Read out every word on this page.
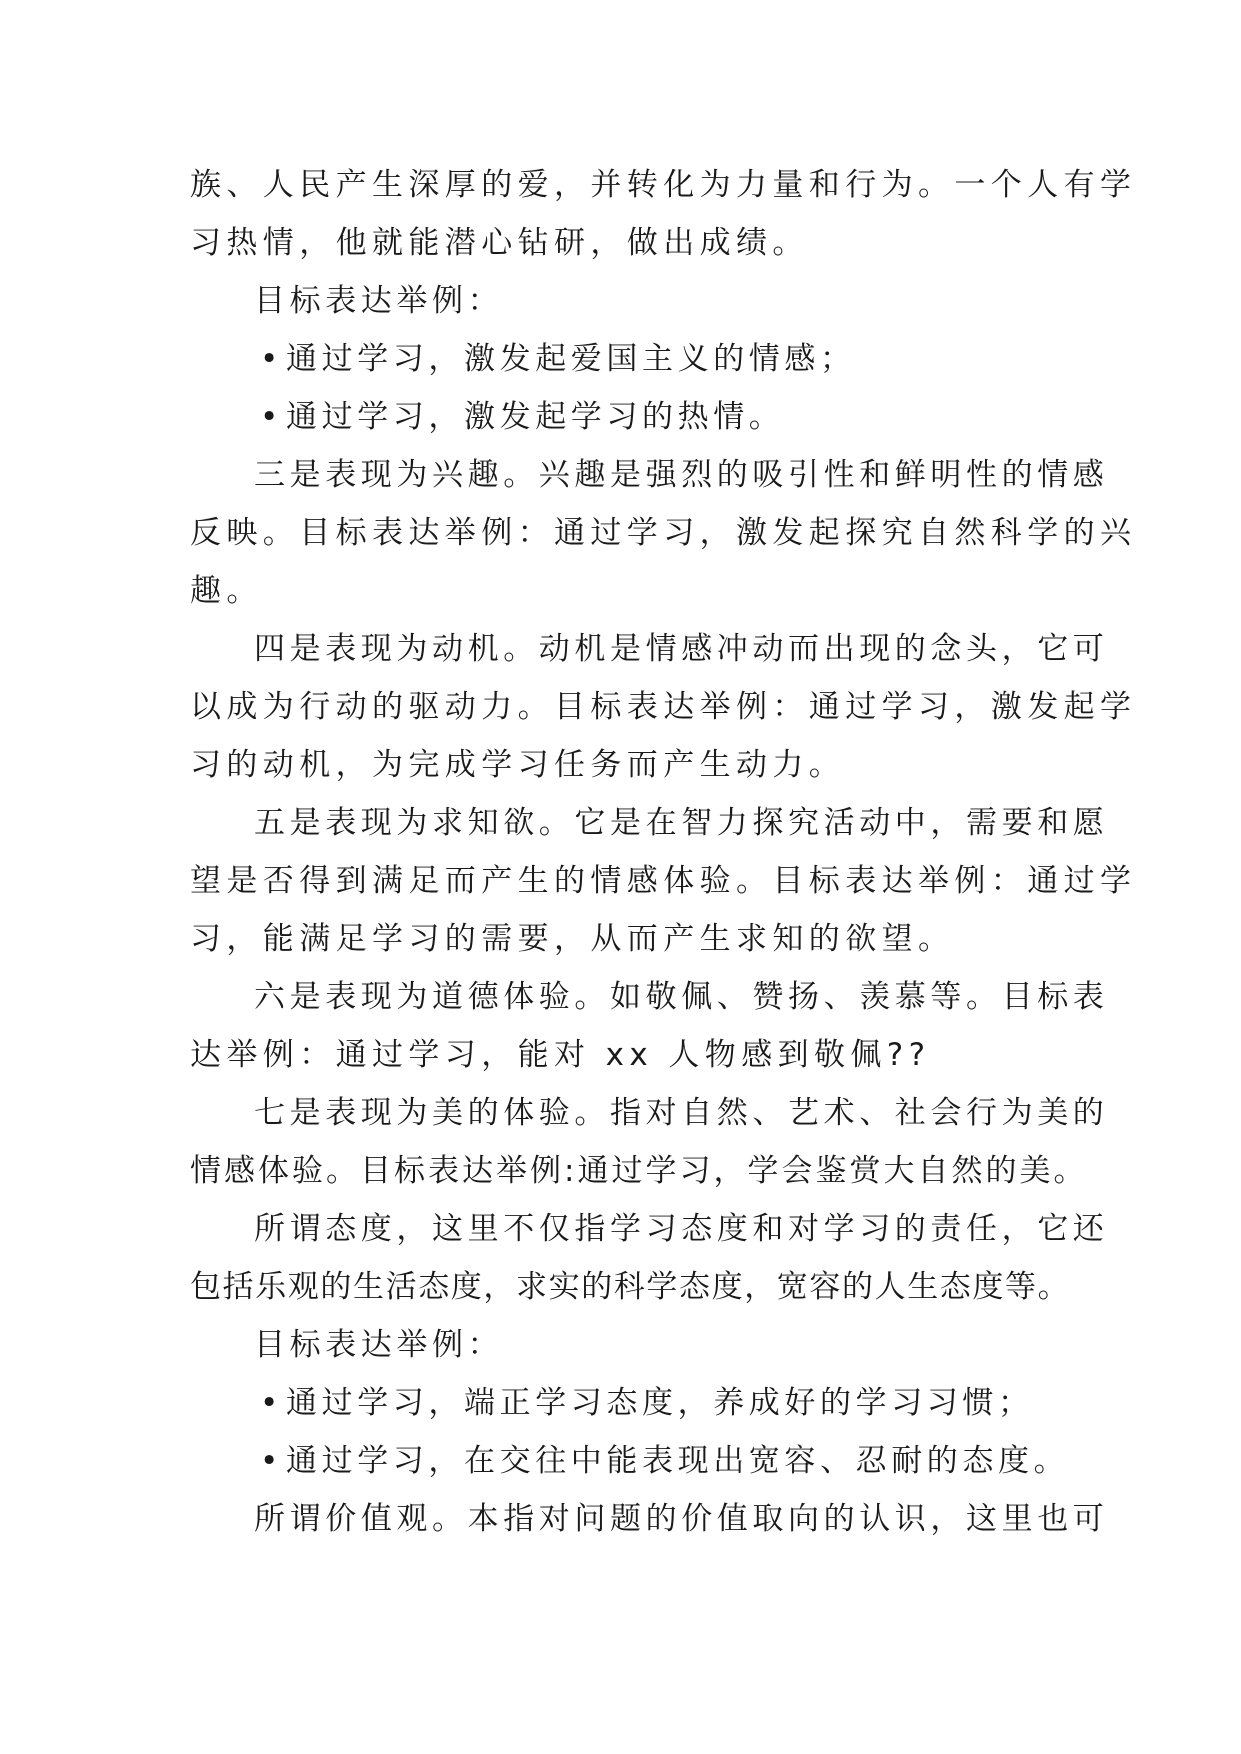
族、人民产生深厚的爱，并转化为力量和行为。一个人有学

习热情，他就能潜心钻研，做出成绩。

目标表达举例：

• 通过学习，激发起爱国主义的情感；

• 通过学习，激发起学习的热情。

三是表现为兴趣。兴趣是强烈的吸引性和鲜明性的情感

反映。目标表达举例：通过学习，激发起探究自然科学的兴

趣。

四是表现为动机。动机是情感冲动而出现的念头，它可

以成为行动的驱动力。目标表达举例：通过学习，激发起学

习的动机，为完成学习任务而产生动力。

五是表现为求知欲。它是在智力探究活动中，需要和愿

望是否得到满足而产生的情感体验。目标表达举例：通过学

习，能满足学习的需要，从而产生求知的欲望。

六是表现为道德体验。如敬佩、赞扬、羡慕等。目标表

达举例：通过学习，能对 xx 人物感到敬佩??

七是表现为美的体验。指对自然、艺术、社会行为美的

情感体验。目标表达举例:通过学习，学会鉴赏大自然的美。

所谓态度，这里不仅指学习态度和对学习的责任，它还

包括乐观的生活态度，求实的科学态度，宽容的人生态度等。

目标表达举例：

• 通过学习，端正学习态度，养成好的学习习惯；

• 通过学习，在交往中能表现出宽容、忍耐的态度。

所谓价值观。本指对问题的价值取向的认识，这里也可
